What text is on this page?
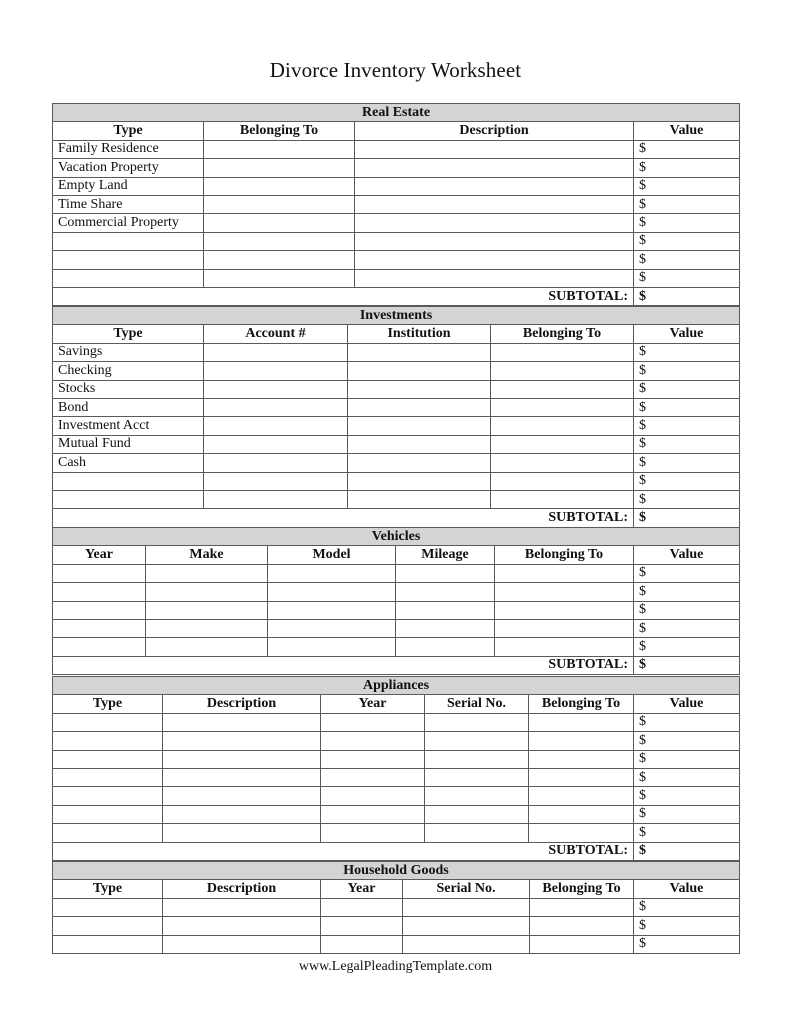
Divorce Inventory Worksheet
Real Estate			
Type	Belonging To	Description	Value
Family Residence			$
Vacation Property			$
Empty Land			$
Time Share			$
Commercial Property			$
			$
			$
			$
SUBTOTAL:			$
Investments				
Type	Account #	Institution	Belonging To	Value
Savings				$
Checking				$
Stocks				$
Bond				$
Investment Acct				$
Mutual Fund				$
Cash				$
				$
				$
SUBTOTAL:				$
Vehicles					
Year	Make	Model	Mileage	Belonging To	Value
					$
					$
					$
					$
					$
SUBTOTAL:					$
Appliances					
Type	Description	Year	Serial No.	Belonging To	Value
					$
					$
					$
					$
					$
					$
					$
SUBTOTAL:					$
Household Goods					
Type	Description	Year	Serial No.	Belonging To	Value
					$
					$
					$
www.LegalPleadingTemplate.com
